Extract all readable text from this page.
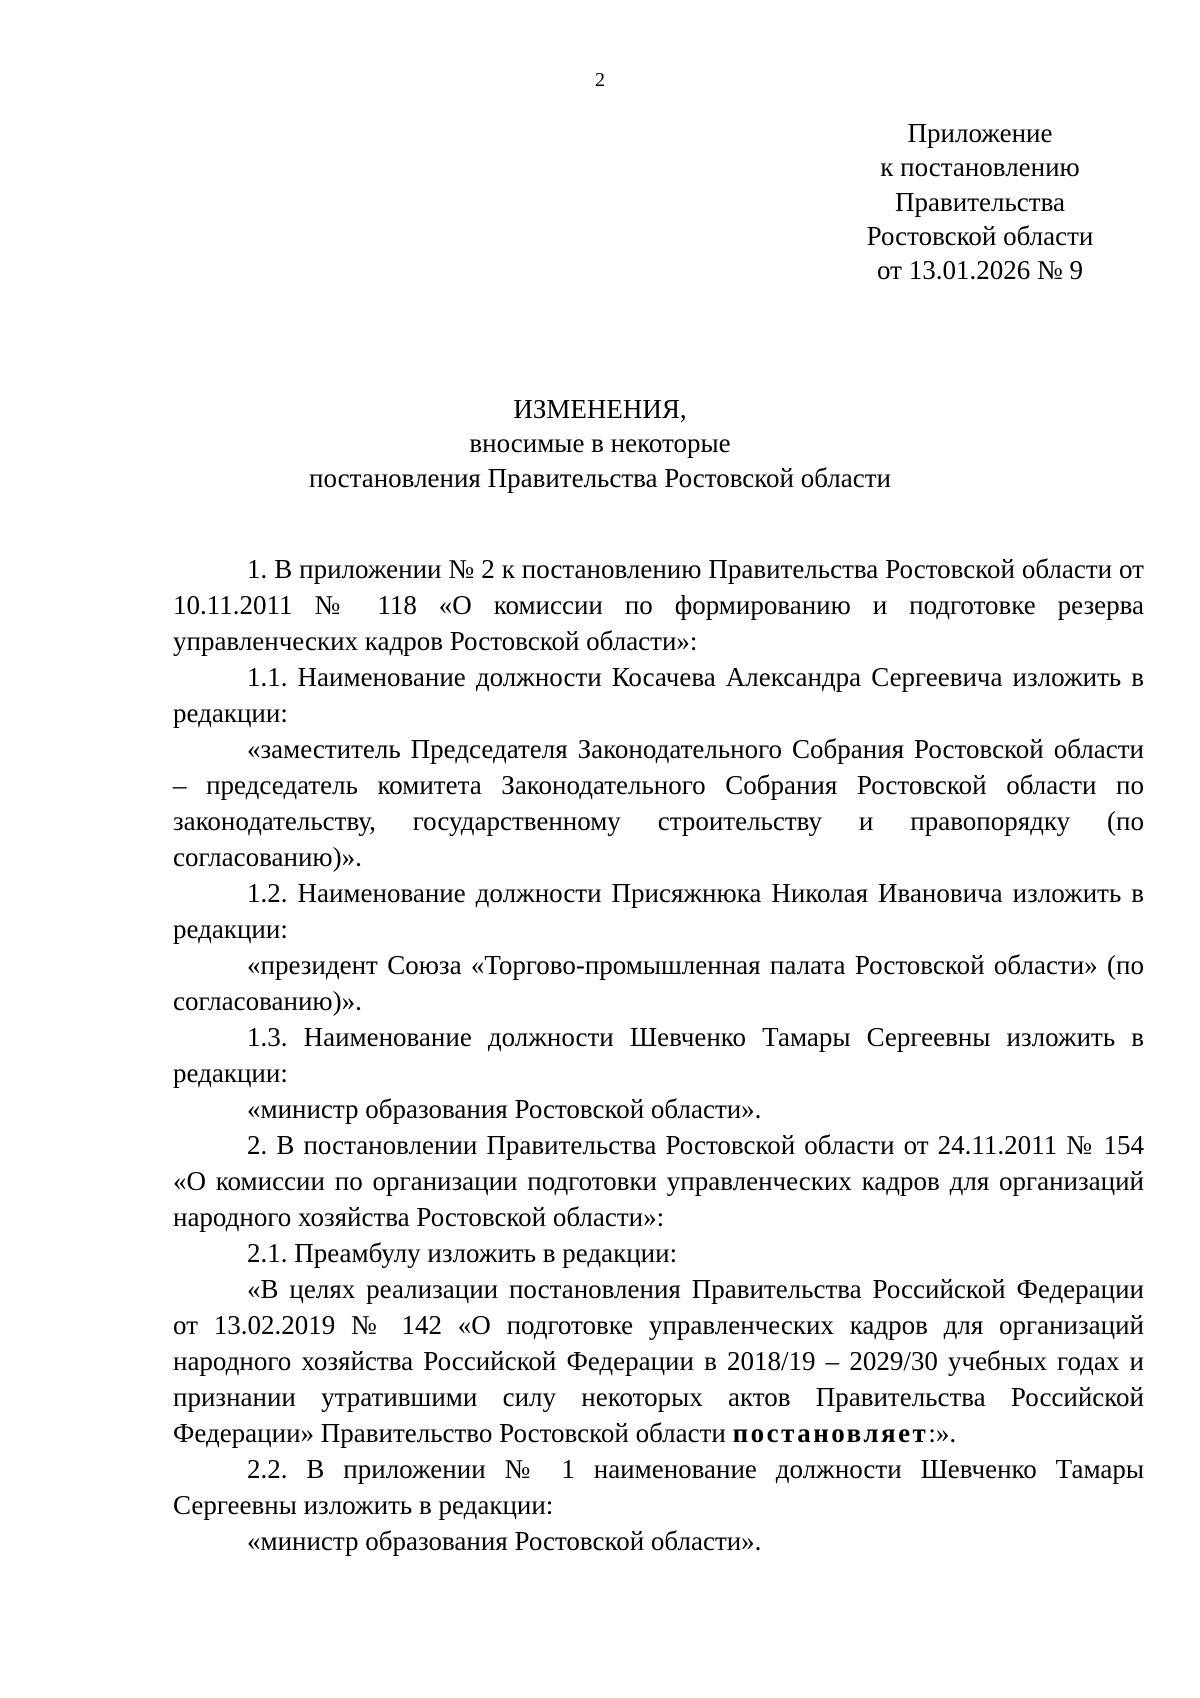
2
Приложение
к постановлению
Правительства
Ростовской области
от 13.01.2026 № 9
ИЗМЕНЕНИЯ,
вносимые в некоторые
постановления Правительства Ростовской области

1. В приложении № 2 к постановлению Правительства Ростовской области от 10.11.2011 № 118 «О комиссии по формированию и подготовке резерва управленческих кадров Ростовской области»:

1.1. Наименование должности Косачева Александра Сергеевича изложить в редакции:

«заместитель Председателя Законодательного Собрания Ростовской области – председатель комитета Законодательного Собрания Ростовской области по законодательству, государственному строительству и правопорядку (по согласованию)».

1.2. Наименование должности Присяжнюка Николая Ивановича изложить в редакции:

«президент Союза «Торгово-промышленная палата Ростовской области» (по согласованию)».

1.3. Наименование должности Шевченко Тамары Сергеевны изложить в редакции:

«министр образования Ростовской области».

2. В постановлении Правительства Ростовской области от 24.11.2011 № 154 «О комиссии по организации подготовки управленческих кадров для организаций народного хозяйства Ростовской области»:

2.1. Преамбулу изложить в редакции:

«В целях реализации постановления Правительства Российской Федерации от 13.02.2019 № 142 «О подготовке управленческих кадров для организаций народного хозяйства Российской Федерации в 2018/19 – 2029/30 учебных годах и признании утратившими силу некоторых актов Правительства Российской Федерации» Правительство Ростовской области постановляет:».

2.2. В приложении № 1 наименование должности Шевченко Тамары Сергеевны изложить в редакции:

«министр образования Ростовской области».
